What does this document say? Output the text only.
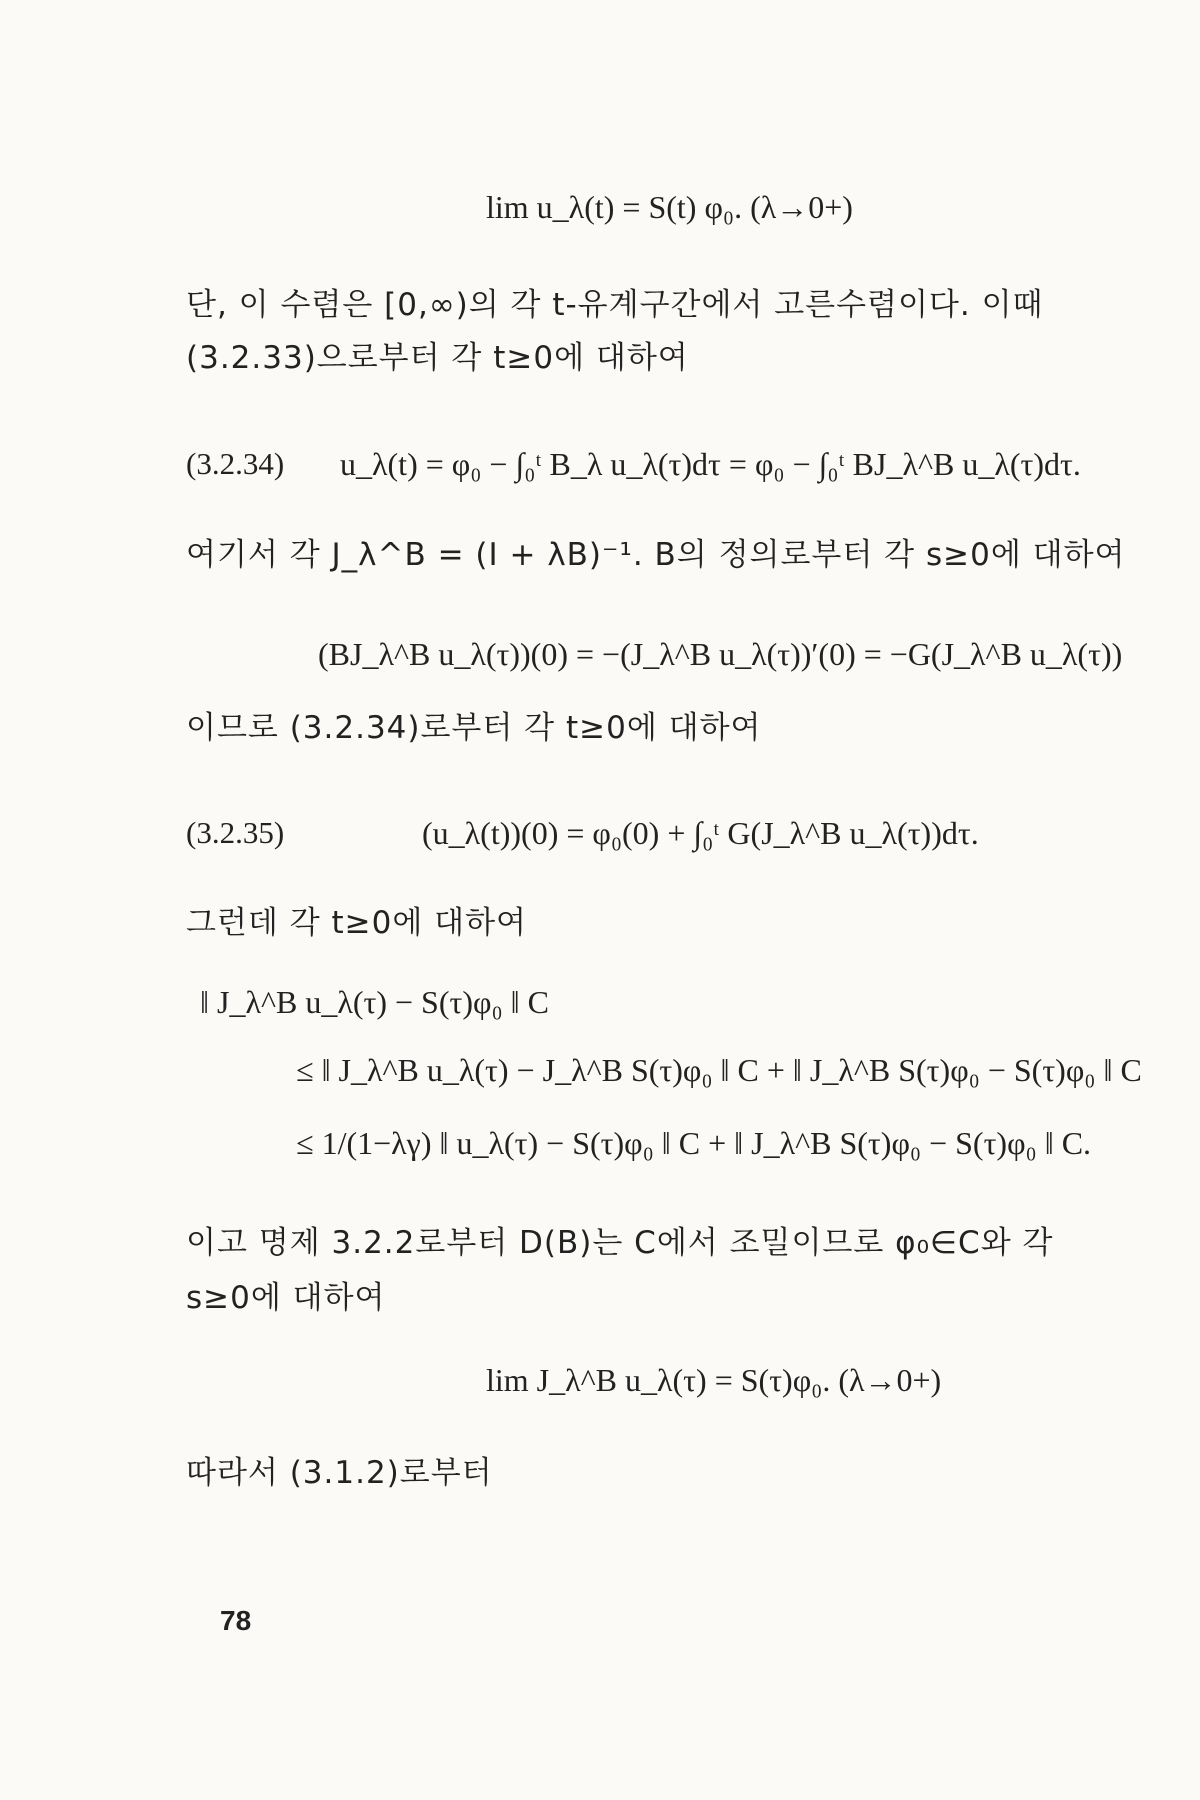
lim u_λ(t) = S(t) φ₀. (λ→0+)
단, 이 수렴은 [0,∞)의 각 t-유계구간에서 고른수렴이다. 이때
(3.2.33)으로부터 각 t≥0에 대하여
(3.2.34) u_λ(t) = φ₀ − ∫₀ᵗ B_λ u_λ(τ)dτ = φ₀ − ∫₀ᵗ BJ_λ^B u_λ(τ)dτ.
여기서 각 J_λ^B = (I + λB)⁻¹. B의 정의로부터 각 s≥0에 대하여
(BJ_λ^B u_λ(τ))(0) = −(J_λ^B u_λ(τ))′(0) = −G(J_λ^B u_λ(τ))
이므로 (3.2.34)로부터 각 t≥0에 대하여
(3.2.35)	(u_λ(t))(0) = φ₀(0) + ∫₀ᵗ G(J_λ^B u_λ(τ))dτ.
그런데 각 t≥0에 대하여
‖ J_λ^B u_λ(τ) − S(τ)φ₀ ‖ C
≤ ‖ J_λ^B u_λ(τ) − J_λ^B S(τ)φ₀ ‖ C + ‖ J_λ^B S(τ)φ₀ − S(τ)φ₀ ‖ C
≤ 1/(1−λγ) ‖ u_λ(τ) − S(τ)φ₀ ‖ C + ‖ J_λ^B S(τ)φ₀ − S(τ)φ₀ ‖ C.
이고 명제 3.2.2로부터 D(B)는 C에서 조밀이므로 φ₀∈C와 각
s≥0에 대하여
lim J_λ^B u_λ(τ) = S(τ)φ₀. (λ→0+)
따라서 (3.1.2)로부터
78
